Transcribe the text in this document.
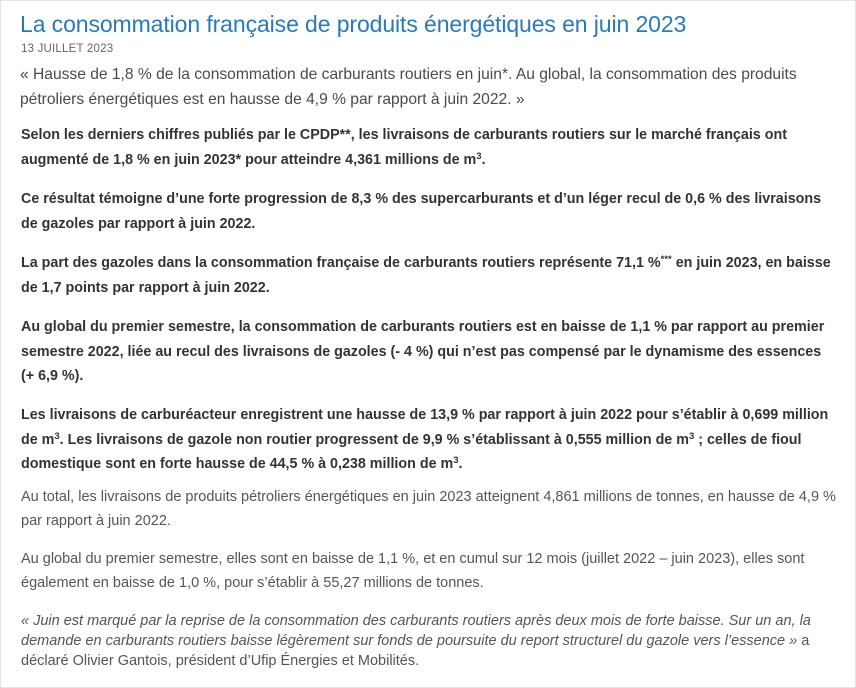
La consommation française de produits énergétiques en juin 2023
13 JUILLET 2023

« Hausse de 1,8 % de la consommation de carburants routiers en juin*. Au global, la consommation des produits pétroliers énergétiques est en hausse de 4,9 % par rapport à juin 2022. »

Selon les derniers chiffres publiés par le CPDP**, les livraisons de carburants routiers sur le marché français ont augmenté de 1,8 % en juin 2023* pour atteindre 4,361 millions de $m^3$.

Ce résultat témoigne d’une forte progression de 8,3 % des supercarburants et d’un léger recul de 0,6 % des livraisons de gazoles par rapport à juin 2022.

La part des gazoles dans la consommation française de carburants routiers représente 71,1 %*** en juin 2023, en baisse de 1,7 points par rapport à juin 2022.

Au global du premier semestre, la consommation de carburants routiers est en baisse de 1,1 % par rapport au premier semestre 2022, liée au recul des livraisons de gazoles (- 4 %) qui n’est pas compensé par le dynamisme des essences (+ 6,9 %).

Les livraisons de carburéacteur enregistrent une hausse de 13,9 % par rapport à juin 2022 pour s’établir à 0,699 million de $m^3$. Les livraisons de gazole non routier progressent de 9,9 % s’établissant à 0,555 million de $m^3$ ; celles de fioul domestique sont en forte hausse de 44,5 % à 0,238 million de $m^3$.

Au total, les livraisons de produits pétroliers énergétiques en juin 2023 atteignent 4,861 millions de tonnes, en hausse de 4,9 % par rapport à juin 2022.

Au global du premier semestre, elles sont en baisse de 1,1 %, et en cumul sur 12 mois (juillet 2022 – juin 2023), elles sont également en baisse de 1,0 %, pour s’établir à 55,27 millions de tonnes.

« Juin est marqué par la reprise de la consommation des carburants routiers après deux mois de forte baisse. Sur un an, la demande en carburants routiers baisse légèrement sur fonds de poursuite du report structurel du gazole vers l’essence » a déclaré Olivier Gantois, président d’Ufip Énergies et Mobilités.
